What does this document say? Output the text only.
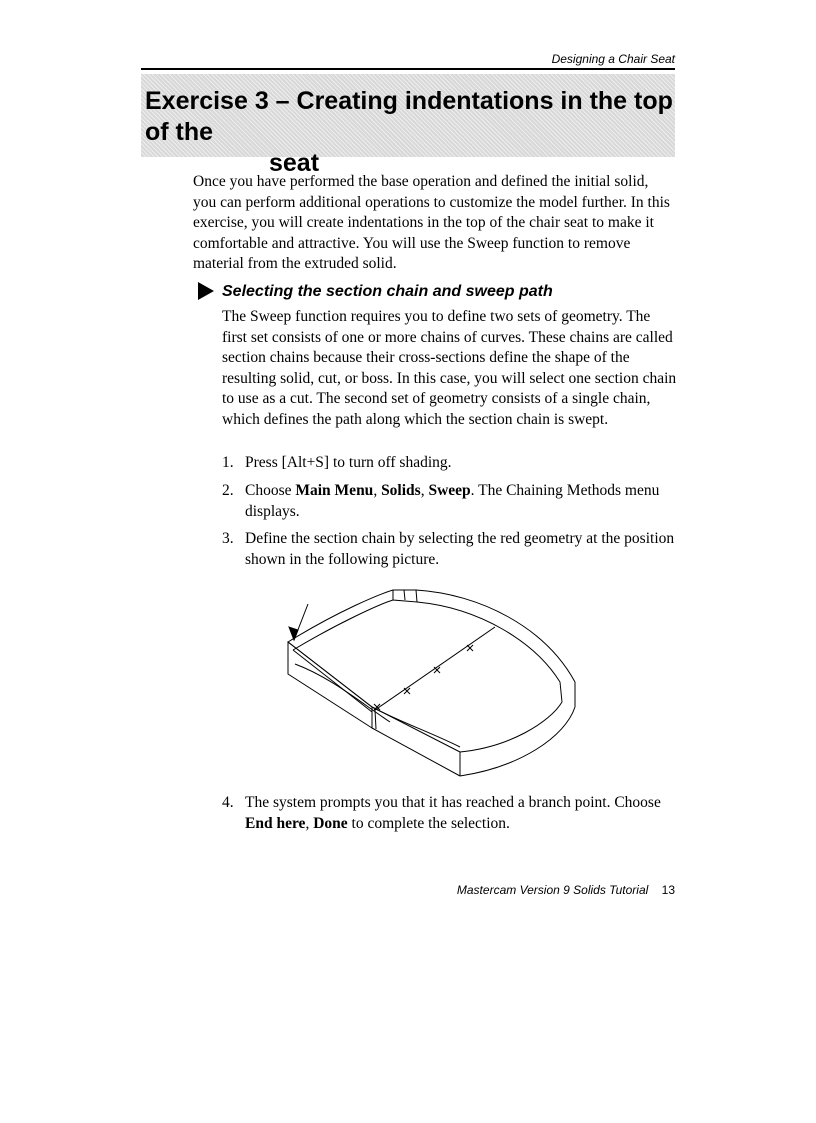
Designing a Chair Seat
Exercise 3 – Creating indentations in the top of the
seat
Once you have performed the base operation and defined the initial solid, you can perform additional operations to customize the model further. In this exercise, you will create indentations in the top of the chair seat to make it comfortable and attractive. You will use the Sweep function to remove material from the extruded solid.
Selecting the section chain and sweep path
The Sweep function requires you to define two sets of geometry. The first set consists of one or more chains of curves. These chains are called section chains because their cross-sections define the shape of the resulting solid, cut, or boss. In this case, you will select one section chain to use as a cut. The second set of geometry consists of a single chain, which defines the path along which the section chain is swept.
1. Press [Alt+S] to turn off shading.
2. Choose Main Menu, Solids, Sweep. The Chaining Methods menu displays.
3. Define the section chain by selecting the red geometry at the position shown in the following picture.
4. The system prompts you that it has reached a branch point. Choose End here, Done to complete the selection.
Mastercam Version 9 Solids Tutorial 13
